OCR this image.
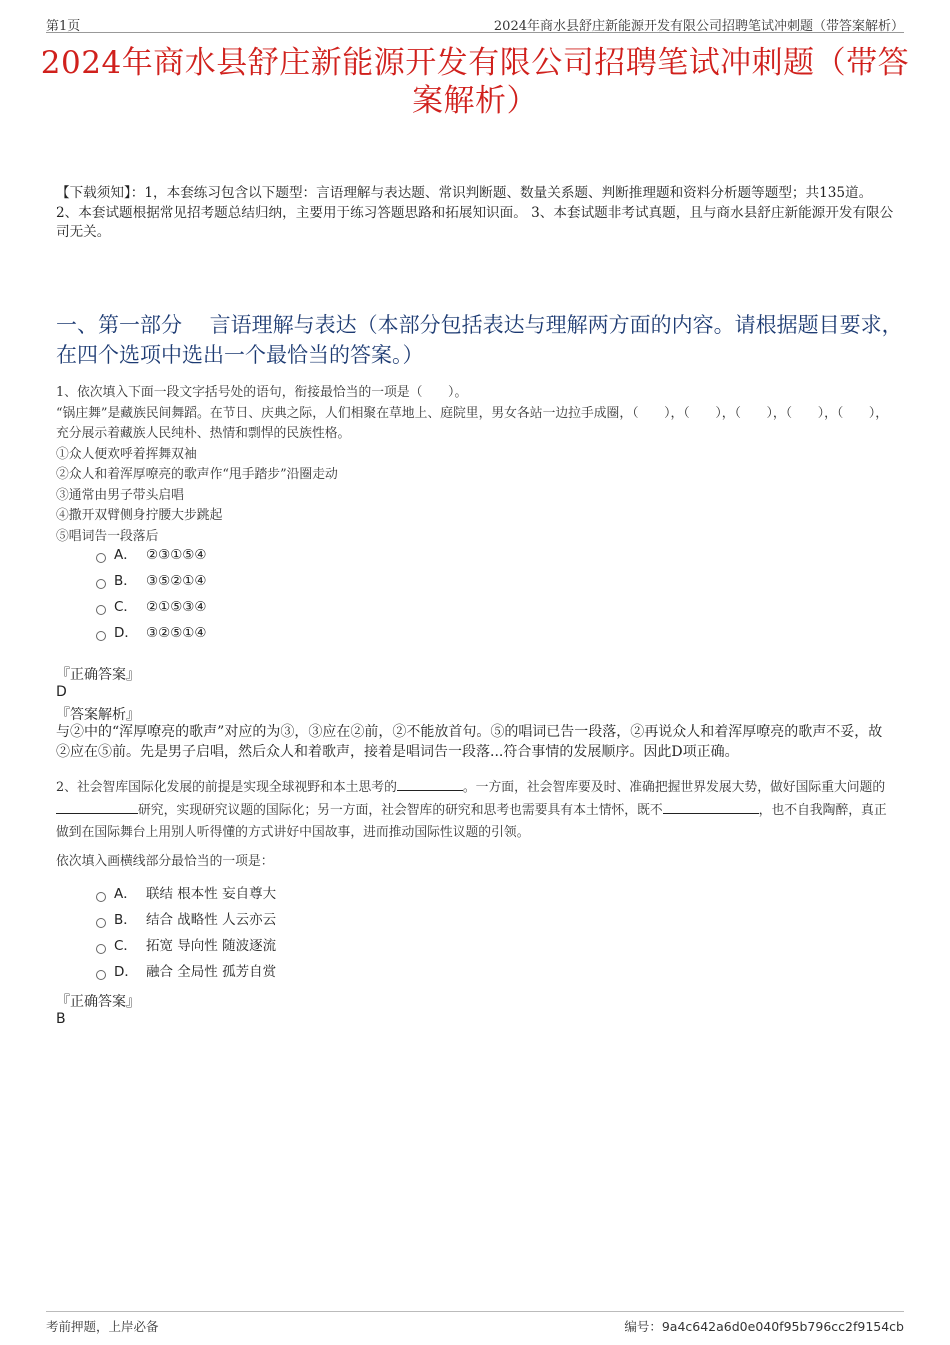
第1页	2024年商水县舒庄新能源开发有限公司招聘笔试冲刺题（带答案解析）
2024年商水县舒庄新能源开发有限公司招聘笔试冲刺题（带答案解析）
【下载须知】：1，本套练习包含以下题型：言语理解与表达题、常识判断题、数量关系题、判断推理题和资料分析题等题型；共135道。 2、本套试题根据常见招考题总结归纳，主要用于练习答题思路和拓展知识面。 3、本套试题非考试真题，且与商水县舒庄新能源开发有限公司无关。
一、第一部分　 言语理解与表达（本部分包括表达与理解两方面的内容。请根据题目要求，在四个选项中选出一个最恰当的答案。）

1、依次填入下面一段文字括号处的语句，衔接最恰当的一项是（　　）。

“锅庄舞”是藏族民间舞蹈。在节日、庆典之际，人们相聚在草地上、庭院里，男女各站一边拉手成圈，（　　），（　　），（　　），（　　），（　　），充分展示着藏族人民纯朴、热情和剽悍的民族性格。

①众人便欢呼着挥舞双袖

②众人和着浑厚嘹亮的歌声作“甩手踏步”沿圈走动

③通常由男子带头启唱

④撒开双臂侧身拧腰大步跳起

⑤唱词告一段落后

A． ②③①⑤④
B． ③⑤②①④
C． ②①⑤③④
D． ③②⑤①④
『正确答案』
D
『答案解析』
与②中的“浑厚嘹亮的歌声”对应的为③，③应在②前，②不能放首句。⑤的唱词已告一段落，②再说众人和着浑厚嘹亮的歌声不妥，故②应在⑤前。先是男子启唱，然后众人和着歌声，接着是唱词告一段落...符合事情的发展顺序。因此D项正确。
2、社会智库国际化发展的前提是实现全球视野和本土思考的	。一方面，社会智库要及时、准确把握世界发展大势，做好国际重大问题的研究，实现研究议题的国际化；另一方面，社会智库的研究和思考也需要具有本土情怀，既不	，也不自我陶醉，真正做到在国际舞台上用别人听得懂的方式讲好中国故事，进而推动国际性议题的引领。
依次填入画横线部分最恰当的一项是：
A． 联结 根本性 妄自尊大
B． 结合 战略性 人云亦云
C． 拓宽 导向性 随波逐流
D． 融合 全局性 孤芳自赏
『正确答案』
B
考前押题，上岸必备	编号：9a4c642a6d0e040f95b796cc2f9154cb
